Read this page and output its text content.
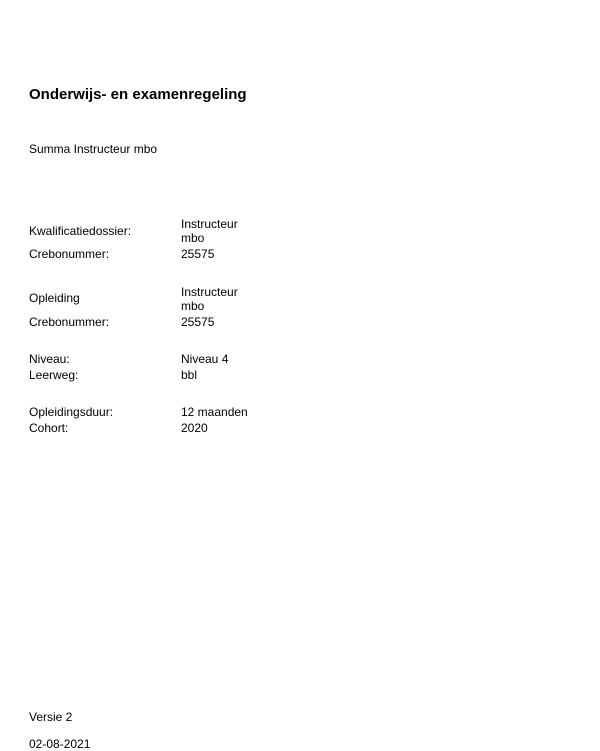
Onderwijs- en examenregeling

Summa Instructeur mbo

Kwalificatiedossier:	Instructeur
mbo
Crebonummer:	25575
Opleiding	Instructeur
mbo
Crebonummer:	25575
Niveau:	Niveau 4
Leerweg:	bbl
Opleidingsduur:	12 maanden
Cohort:	2020
Versie 2
02-08-2021
